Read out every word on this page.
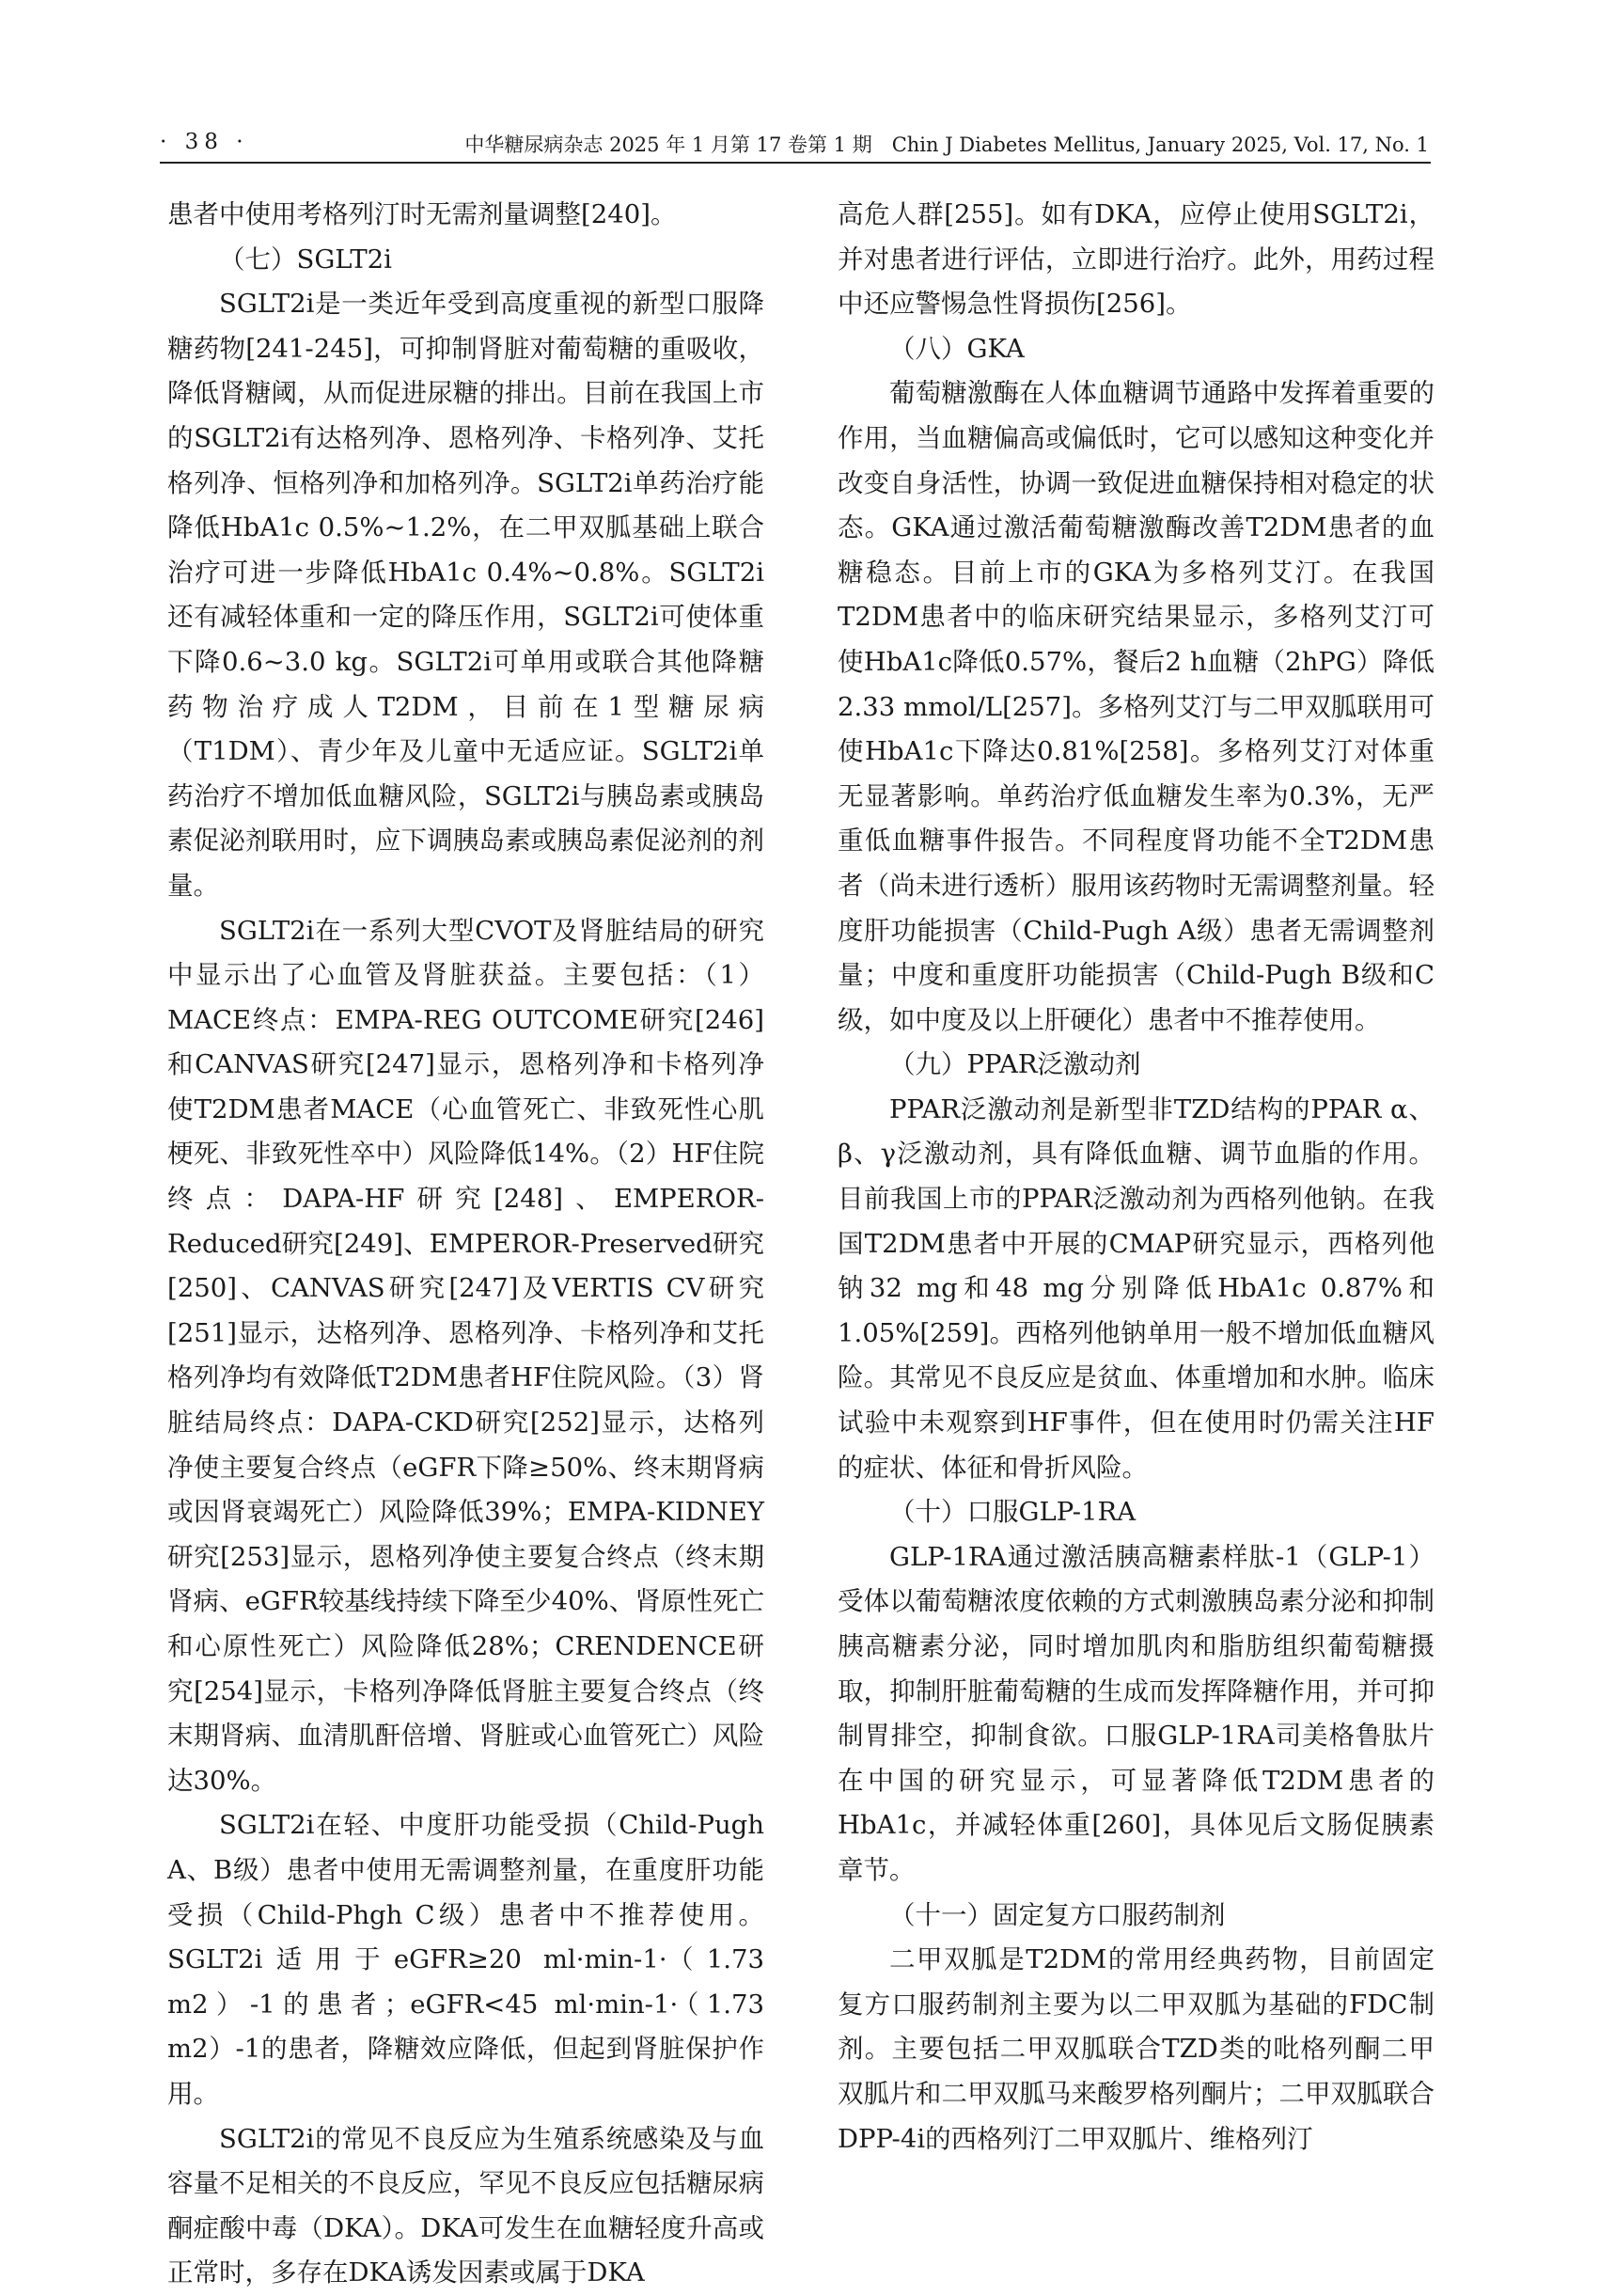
· 38 ·	中华糖尿病杂志 2025 年 1 月第 17 卷第 1 期　Chin J Diabetes Mellitus, January 2025, Vol. 17, No. 1

患者中使用考格列汀时无需剂量调整[240]。

（七）SGLT2i

SGLT2i是一类近年受到高度重视的新型口服降糖药物[241-245]，可抑制肾脏对葡萄糖的重吸收，降低肾糖阈，从而促进尿糖的排出。目前在我国上市的SGLT2i有达格列净、恩格列净、卡格列净、艾托格列净、恒格列净和加格列净。SGLT2i单药治疗能降低HbA1c 0.5%~1.2%，在二甲双胍基础上联合治疗可进一步降低HbA1c 0.4%~0.8%。SGLT2i还有减轻体重和一定的降压作用，SGLT2i可使体重下降0.6~3.0 kg。SGLT2i可单用或联合其他降糖药物治疗成人T2DM，目前在1型糖尿病（T1DM）、青少年及儿童中无适应证。SGLT2i单药治疗不增加低血糖风险，SGLT2i与胰岛素或胰岛素促泌剂联用时，应下调胰岛素或胰岛素促泌剂的剂量。

SGLT2i在一系列大型CVOT及肾脏结局的研究中显示出了心血管及肾脏获益。主要包括：（1）MACE终点：EMPA-REG OUTCOME研究[246]和CANVAS研究[247]显示，恩格列净和卡格列净使T2DM患者MACE（心血管死亡、非致死性心肌梗死、非致死性卒中）风险降低14%。（2）HF住院终点：DAPA-HF研究[248]、EMPEROR-Reduced研究[249]、EMPEROR-Preserved研究[250]、CANVAS研究[247]及VERTIS CV研究[251]显示，达格列净、恩格列净、卡格列净和艾托格列净均有效降低T2DM患者HF住院风险。（3）肾脏结局终点：DAPA-CKD研究[252]显示，达格列净使主要复合终点（eGFR下降≥50%、终末期肾病或因肾衰竭死亡）风险降低39%；EMPA-KIDNEY研究[253]显示，恩格列净使主要复合终点（终末期肾病、eGFR较基线持续下降至少40%、肾原性死亡和心原性死亡）风险降低28%；CRENDENCE研究[254]显示，卡格列净降低肾脏主要复合终点（终末期肾病、血清肌酐倍增、肾脏或心血管死亡）风险达30%。

SGLT2i在轻、中度肝功能受损（Child-Pugh A、B级）患者中使用无需调整剂量，在重度肝功能受损（Child-Phgh C级）患者中不推荐使用。SGLT2i适用于eGFR≥20 ml·min-1·（1.73 m2）-1的患者；eGFR<45 ml·min-1·（1.73 m2）-1的患者，降糖效应降低，但起到肾脏保护作用。

SGLT2i的常见不良反应为生殖系统感染及与血容量不足相关的不良反应，罕见不良反应包括糖尿病酮症酸中毒（DKA）。DKA可发生在血糖轻度升高或正常时，多存在DKA诱发因素或属于DKA

高危人群[255]。如有DKA，应停止使用SGLT2i，并对患者进行评估，立即进行治疗。此外，用药过程中还应警惕急性肾损伤[256]。

（八）GKA

葡萄糖激酶在人体血糖调节通路中发挥着重要的作用，当血糖偏高或偏低时，它可以感知这种变化并改变自身活性，协调一致促进血糖保持相对稳定的状态。GKA通过激活葡萄糖激酶改善T2DM患者的血糖稳态。目前上市的GKA为多格列艾汀。在我国T2DM患者中的临床研究结果显示，多格列艾汀可使HbA1c降低0.57%，餐后2 h血糖（2hPG）降低2.33 mmol/L[257]。多格列艾汀与二甲双胍联用可使HbA1c下降达0.81%[258]。多格列艾汀对体重无显著影响。单药治疗低血糖发生率为0.3%，无严重低血糖事件报告。不同程度肾功能不全T2DM患者（尚未进行透析）服用该药物时无需调整剂量。轻度肝功能损害（Child-Pugh A级）患者无需调整剂量；中度和重度肝功能损害（Child-Pugh B级和C级，如中度及以上肝硬化）患者中不推荐使用。

（九）PPAR泛激动剂

PPAR泛激动剂是新型非TZD结构的PPAR α、β、γ泛激动剂，具有降低血糖、调节血脂的作用。目前我国上市的PPAR泛激动剂为西格列他钠。在我国T2DM患者中开展的CMAP研究显示，西格列他钠32 mg和48 mg分别降低HbA1c 0.87%和1.05%[259]。西格列他钠单用一般不增加低血糖风险。其常见不良反应是贫血、体重增加和水肿。临床试验中未观察到HF事件，但在使用时仍需关注HF的症状、体征和骨折风险。

（十）口服GLP-1RA

GLP-1RA通过激活胰高糖素样肽-1（GLP-1）受体以葡萄糖浓度依赖的方式刺激胰岛素分泌和抑制胰高糖素分泌，同时增加肌肉和脂肪组织葡萄糖摄取，抑制肝脏葡萄糖的生成而发挥降糖作用，并可抑制胃排空，抑制食欲。口服GLP-1RA司美格鲁肽片在中国的研究显示，可显著降低T2DM患者的HbA1c，并减轻体重[260]，具体见后文肠促胰素章节。

（十一）固定复方口服药制剂

二甲双胍是T2DM的常用经典药物，目前固定复方口服药制剂主要为以二甲双胍为基础的FDC制剂。主要包括二甲双胍联合TZD类的吡格列酮二甲双胍片和二甲双胍马来酸罗格列酮片；二甲双胍联合DPP-4i的西格列汀二甲双胍片、维格列汀
